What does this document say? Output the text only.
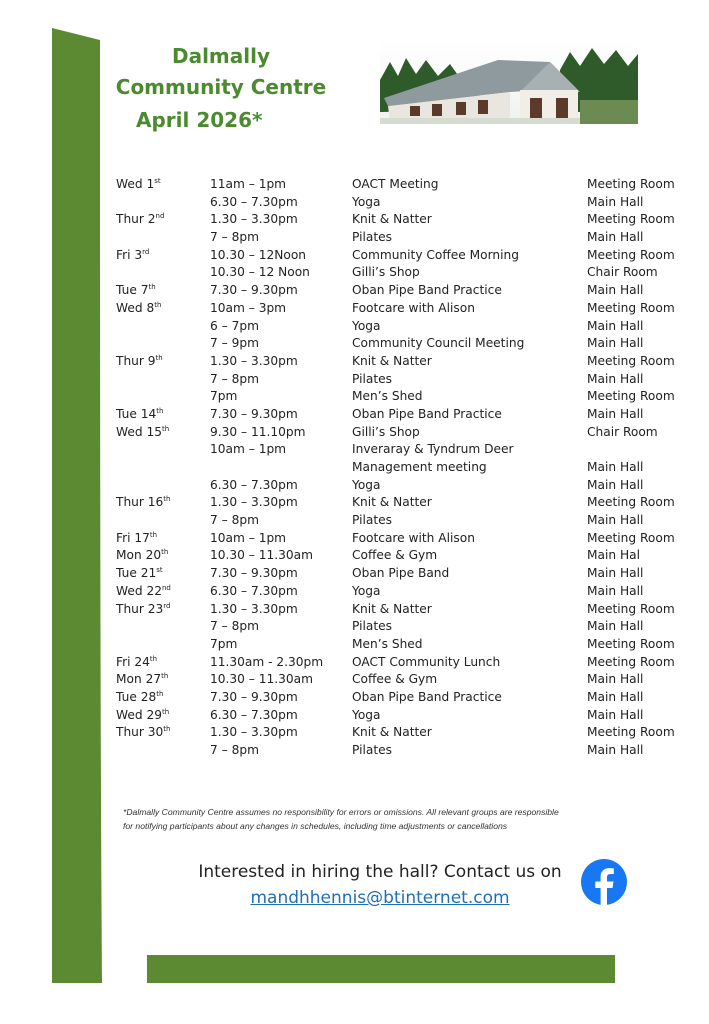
Dalmally
Community Centre
April 2026*
Wed 1st	11am – 1pm	OACT Meeting	Meeting Room
6.30 – 7.30pm	Yoga	Main Hall
Thur 2nd	1.30 – 3.30pm	Knit & Natter	Meeting Room
7 – 8pm	Pilates	Main Hall
Fri 3rd	10.30 – 12Noon	Community Coffee Morning	Meeting Room
10.30 – 12 Noon	Gilli’s Shop	Chair Room
Tue 7th	7.30 – 9.30pm	Oban Pipe Band Practice	Main Hall
Wed 8th	10am – 3pm	Footcare with Alison	Meeting Room
6 – 7pm	Yoga	Main Hall
7 – 9pm	Community Council Meeting	Main Hall
Thur 9th	1.30 – 3.30pm	Knit & Natter	Meeting Room
7 – 8pm	Pilates	Main Hall
7pm	Men’s Shed	Meeting Room
Tue 14th	7.30 – 9.30pm	Oban Pipe Band Practice	Main Hall
Wed 15th	9.30 – 11.10pm	Gilli’s Shop	Chair Room
10am – 1pm	Inveraray & Tyndrum Deer
Management meeting	Main Hall
6.30 – 7.30pm	Yoga	Main Hall
Thur 16th	1.30 – 3.30pm	Knit & Natter	Meeting Room
7 – 8pm	Pilates	Main Hall
Fri 17th	10am – 1pm	Footcare with Alison	Meeting Room
Mon 20th	10.30 – 11.30am	Coffee & Gym	Main Hal
Tue 21st	7.30 – 9.30pm	Oban Pipe Band	Main Hall
Wed 22nd	6.30 – 7.30pm	Yoga	Main Hall
Thur 23rd	1.30 – 3.30pm	Knit & Natter	Meeting Room
7 – 8pm	Pilates	Main Hall
7pm	Men’s Shed	Meeting Room
Fri 24th	11.30am - 2.30pm OACT Community Lunch	Meeting Room
Mon 27th	10.30 – 11.30am	Coffee & Gym	Main Hall
Tue 28th	7.30 – 9.30pm	Oban Pipe Band Practice	Main Hall
Wed 29th	6.30 – 7.30pm	Yoga	Main Hall
Thur 30th	1.30 – 3.30pm	Knit & Natter	Meeting Room
7 – 8pm	Pilates	Main Hall
*Dalmally Community Centre assumes no responsibility for errors or omissions. All relevant groups are responsible
for notifying participants about any changes in schedules, including time adjustments or cancellations
Interested in hiring the hall? Contact us on
mandhhennis@btinternet.com
